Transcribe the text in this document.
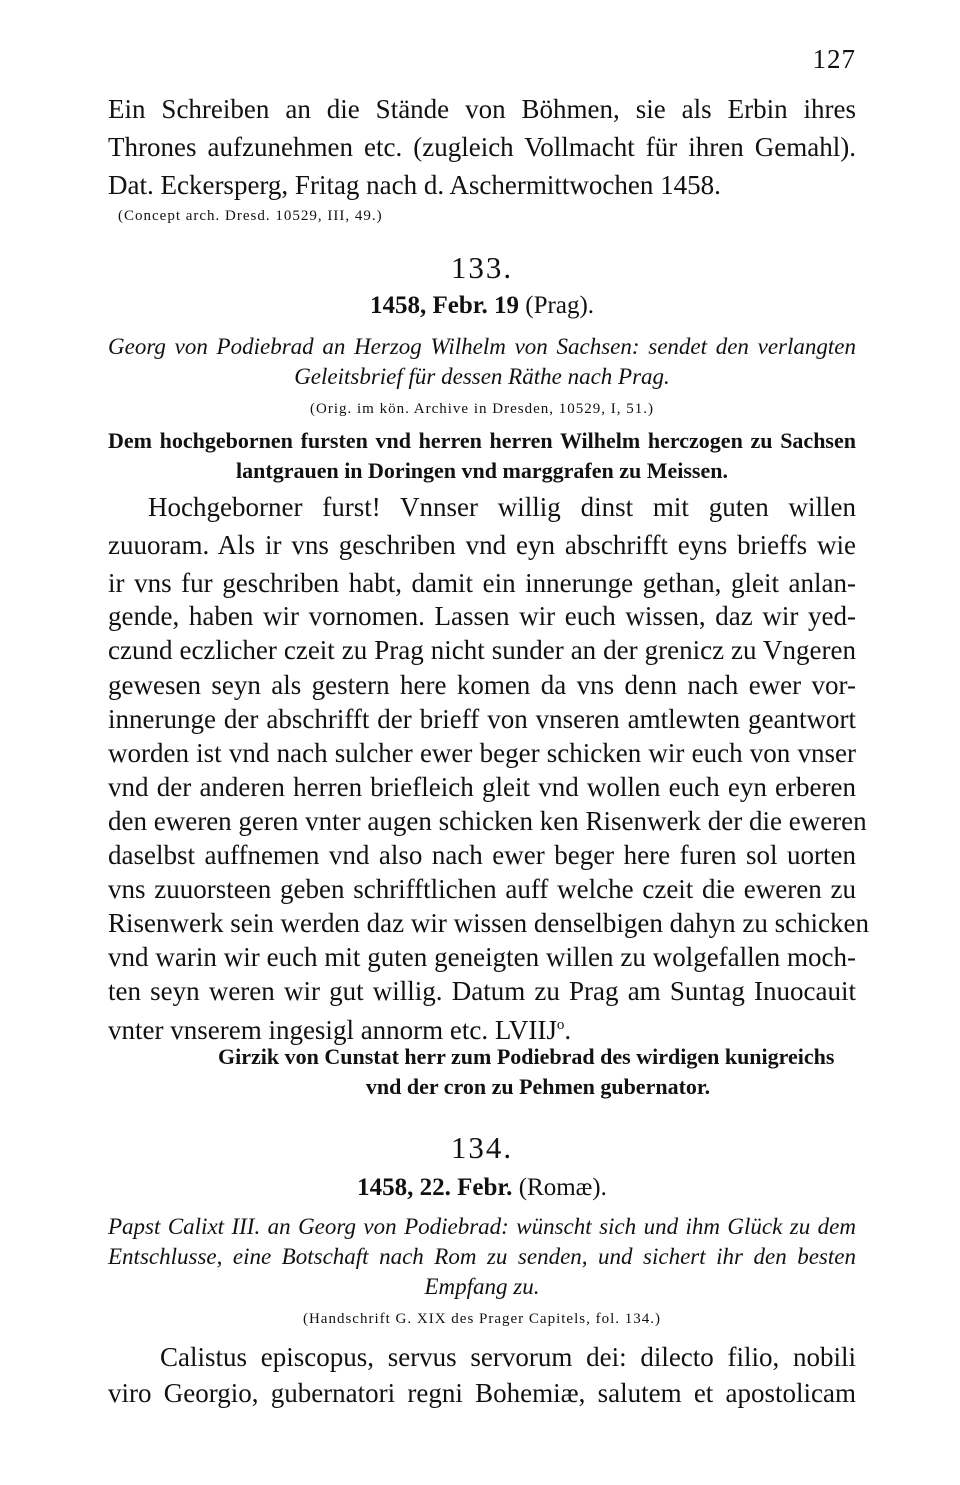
127
Ein Schreiben an die Stände von Böhmen, sie als Erbin ihres
Thrones aufzunehmen etc. (zugleich Vollmacht für ihren Gemahl).
Dat. Eckersperg, Fritag nach d. Aschermittwochen 1458.
(Concept arch. Dresd. 10529, III, 49.)
133.
1458, Febr. 19 (Prag).
Georg von Podiebrad an Herzog Wilhelm von Sachsen: sendet den verlangten
Geleitsbrief für dessen Räthe nach Prag.
(Orig. im kön. Archive in Dresden, 10529, I, 51.)
Dem hochgebornen fursten vnd herren herren Wilhelm herczogen zu Sachsen
lantgrauen in Doringen vnd marggrafen zu Meissen.
Hochgeborner furst! Vnnser willig dinst mit guten willen
zuuoram. Als ir vns geschriben vnd eyn abschrifft eyns brieffs wie
ir vns fur geschriben habt, damit ein innerunge gethan, gleit anlan-
gende, haben wir vornomen. Lassen wir euch wissen, daz wir yed-
czund eczlicher czeit zu Prag nicht sunder an der grenicz zu Vngeren
gewesen seyn als gestern here komen da vns denn nach ewer vor-
innerunge der abschrifft der brieff von vnseren amtlewten geantwort
worden ist vnd nach sulcher ewer beger schicken wir euch von vnser
vnd der anderen herren briefleich gleit vnd wollen euch eyn erberen
den eweren geren vnter augen schicken ken Risenwerk der die eweren
daselbst auffnemen vnd also nach ewer beger here furen sol uorten
vns zuuorsteen geben schrifftlichen auff welche czeit die eweren zu
Risenwerk sein werden daz wir wissen denselbigen dahyn zu schicken
vnd warin wir euch mit guten geneigten willen zu wolgefallen moch-
ten seyn weren wir gut willig. Datum zu Prag am Suntag Inuocauit
vnter vnserem ingesigl annorm etc. LVIIJ$^o$.
Girzik von Cunstat herr zum Podiebrad des wirdigen kunigreichs
vnd der cron zu Pehmen gubernator.
134.
1458, 22. Febr. (Romæ).
Papst Calixt III. an Georg von Podiebrad: wünscht sich und ihm Glück zu dem
Entschlusse, eine Botschaft nach Rom zu senden, und sichert ihr den besten
Empfang zu.
(Handschrift G. XIX des Prager Capitels, fol. 134.)
Calistus episcopus, servus servorum dei: dilecto filio, nobili
viro Georgio, gubernatori regni Bohemiæ, salutem et apostolicam
